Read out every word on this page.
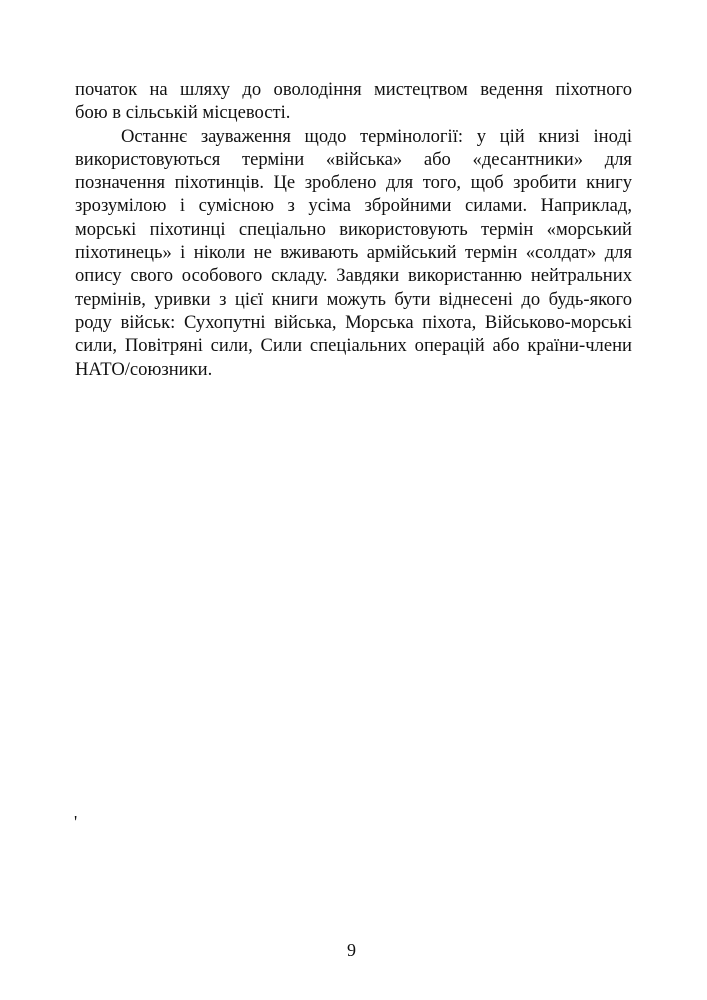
початок на шляху до оволодіння мистецтвом ведення піхотного
бою в сільській місцевості.
Останнє зауваження щодо термінології: у цій книзі іноді
використовуються терміни «війська» або «десантники» для
позначення піхотинців. Це зроблено для того, щоб зробити книгу
зрозумілою і сумісною з усіма збройними силами. Наприклад,
морські піхотинці спеціально використовують термін «морський
піхотинець» і ніколи не вживають армійський термін «солдат» для
опису свого особового складу. Завдяки використанню нейтральних
термінів, уривки з цієї книги можуть бути віднесені до будь-якого
роду військ: Сухопутні війська, Морська піхота, Військово-морські
сили, Повітряні сили, Сили спеціальних операцій або країни-члени
НАТО/союзники.
'
9
